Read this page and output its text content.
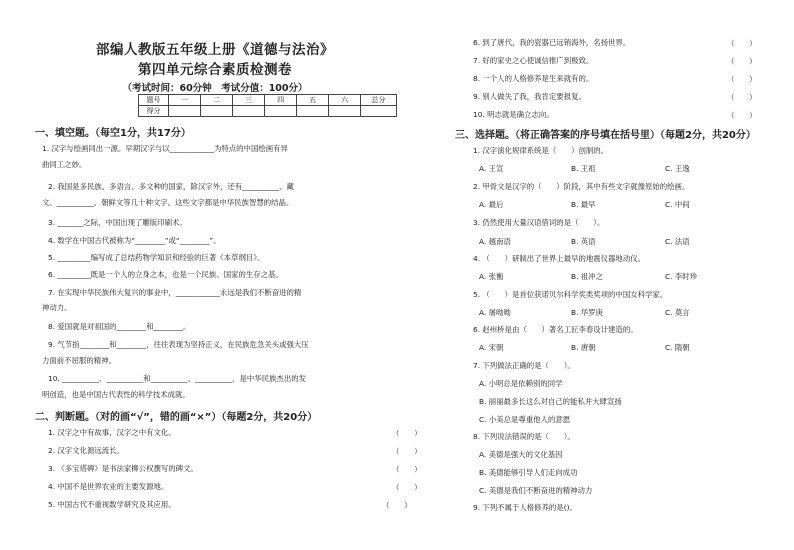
部编人教版五年级上册《道德与法治》
第四单元综合素质检测卷
（考试时间：60分钟　考试分值：100分）
题号	一	二	三	四	五	六	总分
得分							
一、填空题。（每空1分，共17分）
1. 汉字与绘画同出一源。早期汉字与以____________为特点的中国绘画有异
曲同工之妙。
2. 我国是多民族、多语言、多文种的国家，除汉字外，还有__________、藏
文、__________、朝鲜文等几十种文字。这些文字都是中华民族智慧的结晶。
3. _______之际，中国出现了雕版印刷术。
4. 数学在中国古代被称为“________”或“________”。
5. _________编写成了总结药物学知识和经验的巨著《本草纲目》。
6. _________既是一个人的立身之本，也是一个民族、国家的生存之基。
7. 在实现中华民族伟大复兴的事业中，____________永远是我们不断奋进的精
神动力。
8. 爱国就是对祖国的________和________。
9. 气节指________和________，往往表现为坚持正义，在民族危急关头或强大压
力面前不屈服的精神。
10. __________、__________和__________、__________，是中华民族杰出的发
明创造，也是中国古代表性的科学技术成就。
二、判断题。（对的画“√”，错的画“×”）（每题2分，共20分）
1. 汉字之中有故事，汉字之中有文化。	（　　）
2. 汉字文化源远流长。	（　　）
3. 《多宝塔碑》是书法家柳公权撰写的碑文。	（　　）
4. 中国不是世界农业的主要发源地。	（　　）
5. 中国古代不重视数学研究及其应用。	（　　）
6. 到了唐代，我的瓷器已远销海外，名扬世界。	（　　）
7. 好的家史之心使诚信推广到极致。	（　　）
8. 一个人的人格修养是生来就有的。	（　　）
9. 别人做失了我，我肯定要报复。	（　　）
10. 明志就是确立志向。	（　　）
三、选择题。（将正确答案的序号填在括号里）（每题2分，共20分）
1. 汉字演化规律系统是（　　）创制的。
A. 王宣	B. 王祖	C. 王逸
2. 甲骨文是汉字的（　　）阶段，其中有些文字就像原始的绘画。
A. 最后	B. 最早	C. 中间
3. 仍然使用大量汉语借词的是（　　）。
A. 越南语	B. 英语	C. 法语
4. （　　）研制出了世界上最早的地震仪器地动仪。
A. 张衡	B. 祖冲之	C. 李时珍
5. （　　）是首位获诺贝尔科学奖类奖项的中国女科学家。
A. 屠呦呦	B. 华罗庚	C. 莫言
6. 赵州桥是由（　　）著名工匠李春设计建造的。
A. 宋朝	B. 唐朝	C. 隋朝
7. 下列做法正确的是（　　）。
A. 小明总是依赖别的同学
B. 丽丽最多长这么对自己的能私并大肆宣扬
C. 小美总是尊重他人的意愿
8. 下列说法错误的是（　　）。
A. 美德是强大的文化基因
B. 美德能够引导人们走向成功
C. 美德是我们不断奋进的精神动力
9. 下列不属于人格修养的是()。
